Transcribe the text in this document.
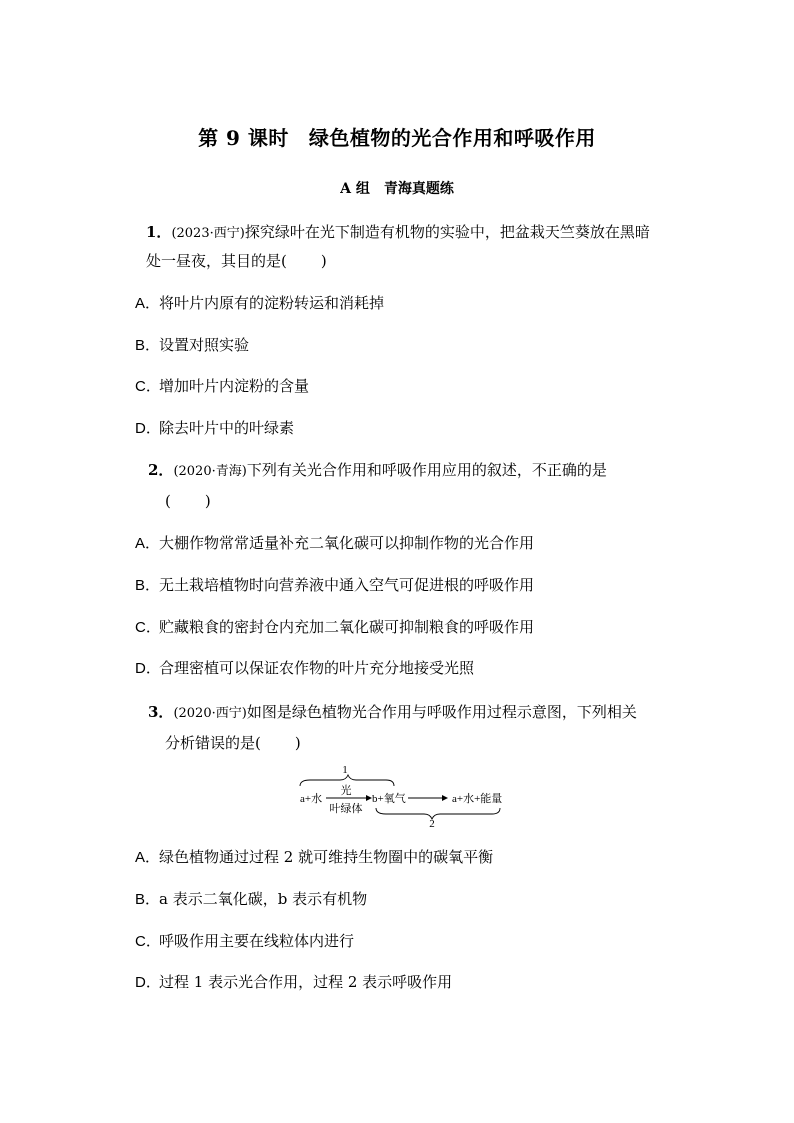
第 9 课时 绿色植物的光合作用和呼吸作用
A 组 青海真题练
1．(2023·西宁)探究绿叶在光下制造有机物的实验中，把盆栽天竺葵放在黑暗
处一昼夜，其目的是( )
A．将叶片内原有的淀粉转运和消耗掉
B．设置对照实验
C．增加叶片内淀粉的含量
D．除去叶片中的叶绿素
2．(2020·青海)下列有关光合作用和呼吸作用应用的叙述，不正确的是
( )
A．大棚作物常常适量补充二氧化碳可以抑制作物的光合作用
B．无土栽培植物时向营养液中通入空气可促进根的呼吸作用
C．贮藏粮食的密封仓内充加二氧化碳可抑制粮食的呼吸作用
D．合理密植可以保证农作物的叶片充分地接受光照
3．(2020·西宁)如图是绿色植物光合作用与呼吸作用过程示意图，下列相关
分析错误的是( )
1
a+水
光
叶绿体
b+氧气	a+水+能量
2
A．绿色植物通过过程 2 就可维持生物圈中的碳氧平衡
B．a 表示二氧化碳，b 表示有机物
C．呼吸作用主要在线粒体内进行
D．过程 1 表示光合作用，过程 2 表示呼吸作用
